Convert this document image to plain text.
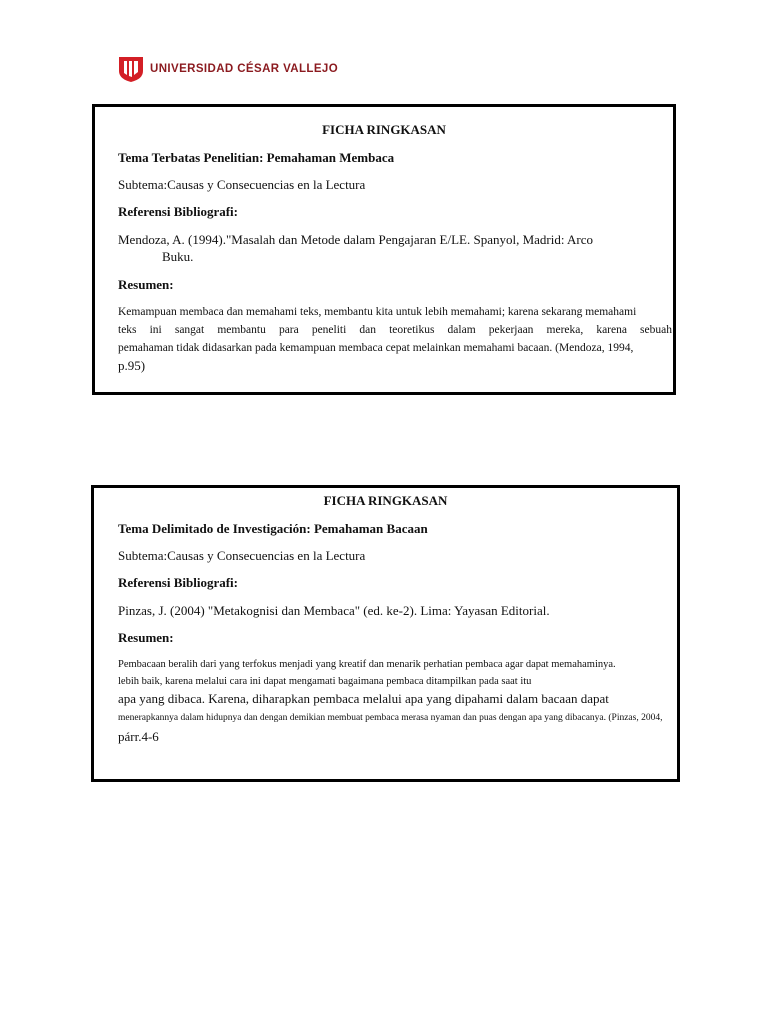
UNIVERSIDAD CÉSAR VALLEJO
FICHA RINGKASAN
Tema Terbatas Penelitian: Pemahaman Membaca
Subtema:Causas y Consecuencias en la Lectura
Referensi Bibliografi:
Mendoza, A. (1994)."Masalah dan Metode dalam Pengajaran E/LE. Spanyol, Madrid: Arco
Buku.
Resumen:
Kemampuan membaca dan memahami teks, membantu kita untuk lebih memahami; karena sekarang memahami
teks ini sangat membantu para peneliti dan teoretikus dalam pekerjaan mereka, karena sebuah
pemahaman tidak didasarkan pada kemampuan membaca cepat melainkan memahami bacaan. (Mendoza, 1994,
p.95)
FICHA RINGKASAN
Tema Delimitado de Investigación: Pemahaman Bacaan
Subtema:Causas y Consecuencias en la Lectura
Referensi Bibliografi:
Pinzas, J. (2004) "Metakognisi dan Membaca" (ed. ke-2). Lima: Yayasan Editorial.
Resumen:
Pembacaan beralih dari yang terfokus menjadi yang kreatif dan menarik perhatian pembaca agar dapat memahaminya.
lebih baik, karena melalui cara ini dapat mengamati bagaimana pembaca ditampilkan pada saat itu
apa yang dibaca. Karena, diharapkan pembaca melalui apa yang dipahami dalam bacaan dapat
menerapkannya dalam hidupnya dan dengan demikian membuat pembaca merasa nyaman dan puas dengan apa yang dibacanya. (Pinzas, 2004,
párr.4-6
